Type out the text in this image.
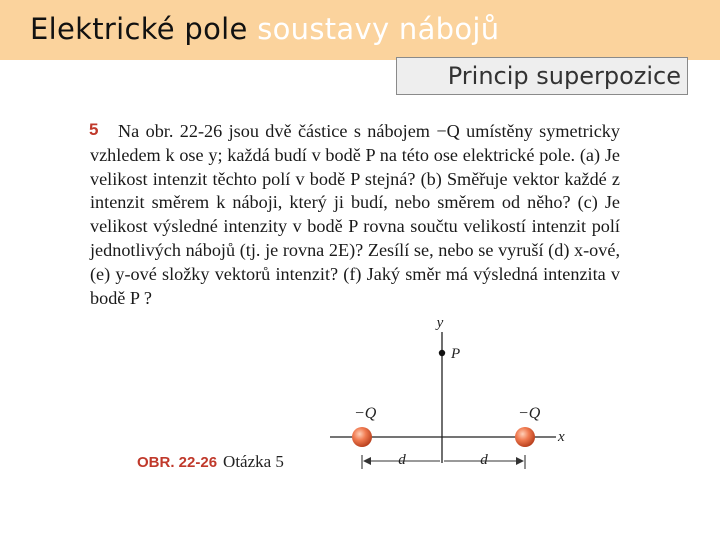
Elektrické pole soustavy nábojů
Princip superpozice
5	Na obr. 22-26 jsou dvě částice s nábojem −Q umístěny symetricky vzhledem k ose y; každá budí v bodě P na této ose elektrické pole. (a) Je velikost intenzit těchto polí v bodě P stejná? (b) Směřuje vektor každé z intenzit směrem k náboji, který ji budí, nebo směrem od něho? (c) Je velikost výsledné intenzity v bodě P rovna součtu velikostí intenzit polí jednotlivých nábojů (tj. je rovna 2E)? Zesílí se, nebo se vyruší (d) x-ové, (e) y-ové složky vektorů intenzit? (f) Jaký směr má výsledná intenzita v bodě P ?

y
x
P
−Q	−Q
d	d
OBR. 22-26 Otázka 5
